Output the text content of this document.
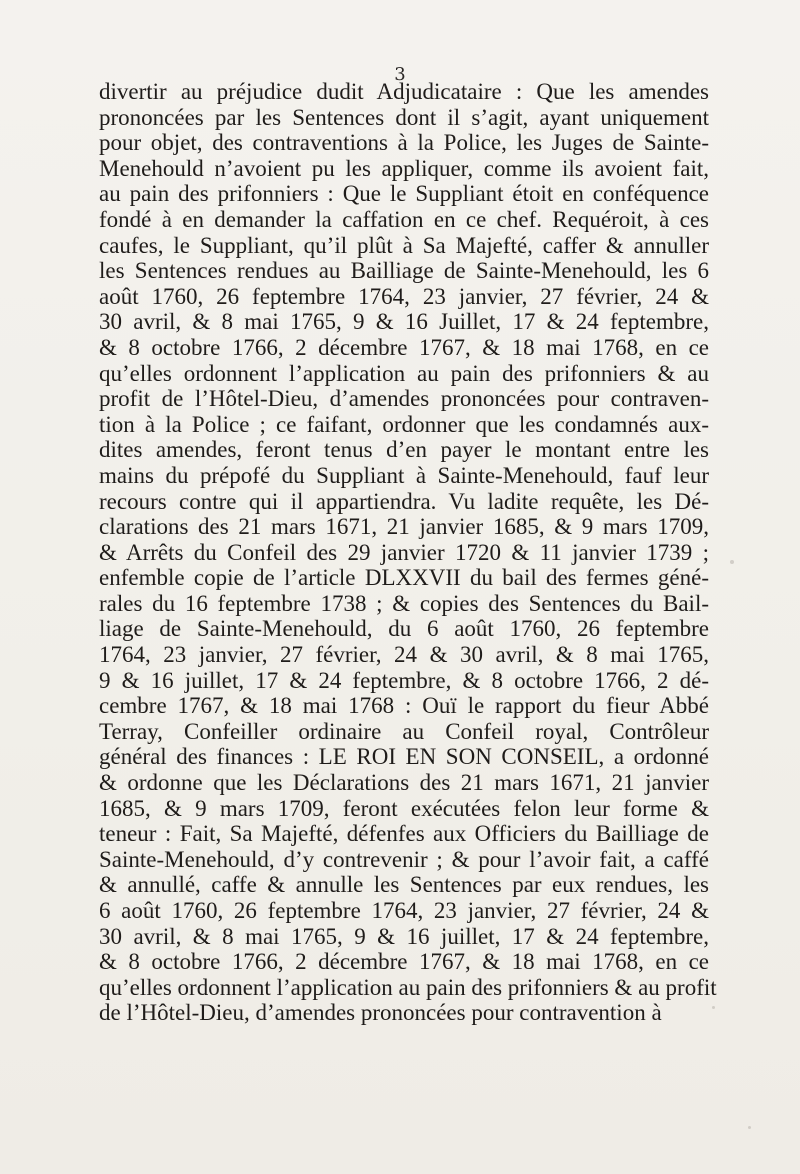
3
divertir au préjudice dudit Adjudicataire : Que les amendes
prononcées par les Sentences dont il s’agit, ayant uniquement
pour objet, des contraventions à la Police, les Juges de Sainte-
Menehould n’avoient pu les appliquer, comme ils avoient fait,
au pain des prifonniers : Que le Suppliant étoit en conféquence
fondé à en demander la caffation en ce chef. Requéroit, à ces
caufes, le Suppliant, qu’il plût à Sa Majefté, caffer & annuller
les Sentences rendues au Bailliage de Sainte-Menehould, les 6
août 1760, 26 feptembre 1764, 23 janvier, 27 février, 24 &
30 avril, & 8 mai 1765, 9 & 16 Juillet, 17 & 24 feptembre,
& 8 octobre 1766, 2 décembre 1767, & 18 mai 1768, en ce
qu’elles ordonnent l’application au pain des prifonniers & au
profit de l’Hôtel-Dieu, d’amendes prononcées pour contraven-
tion à la Police ; ce faifant, ordonner que les condamnés aux-
dites amendes, feront tenus d’en payer le montant entre les
mains du prépofé du Suppliant à Sainte-Menehould, fauf leur
recours contre qui il appartiendra. Vu ladite requête, les Dé-
clarations des 21 mars 1671, 21 janvier 1685, & 9 mars 1709,
& Arrêts du Confeil des 29 janvier 1720 & 11 janvier 1739 ;
enfemble copie de l’article DLXXVII du bail des fermes géné-
rales du 16 feptembre 1738 ; & copies des Sentences du Bail-
liage de Sainte-Menehould, du 6 août 1760, 26 feptembre
1764, 23 janvier, 27 février, 24 & 30 avril, & 8 mai 1765,
9 & 16 juillet, 17 & 24 feptembre, & 8 octobre 1766, 2 dé-
cembre 1767, & 18 mai 1768 : Ouï le rapport du fieur Abbé
Terray, Confeiller ordinaire au Confeil royal, Contrôleur
général des finances : LE ROI EN SON CONSEIL, a ordonné
& ordonne que les Déclarations des 21 mars 1671, 21 janvier
1685, & 9 mars 1709, feront exécutées felon leur forme &
teneur : Fait, Sa Majefté, défenfes aux Officiers du Bailliage de
Sainte-Menehould, d’y contrevenir ; & pour l’avoir fait, a caffé
& annullé, caffe & annulle les Sentences par eux rendues, les
6 août 1760, 26 feptembre 1764, 23 janvier, 27 février, 24 &
30 avril, & 8 mai 1765, 9 & 16 juillet, 17 & 24 feptembre,
& 8 octobre 1766, 2 décembre 1767, & 18 mai 1768, en ce
qu’elles ordonnent l’application au pain des prifonniers & au profit
de l’Hôtel-Dieu, d’amendes prononcées pour contravention à
